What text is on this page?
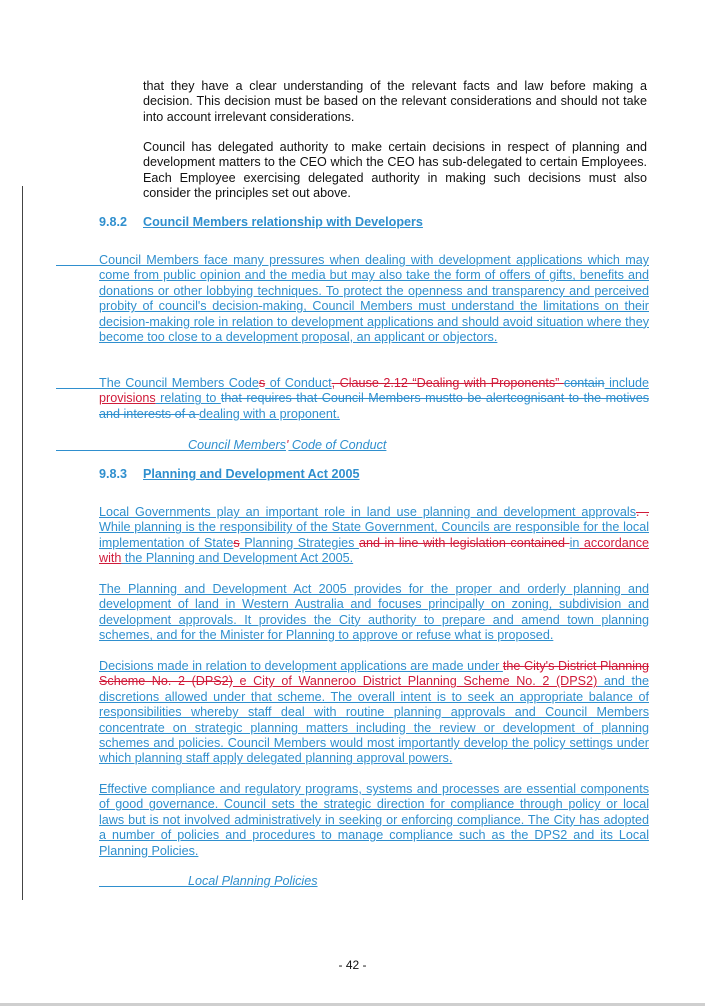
that they have a clear understanding of the relevant facts and law before making a decision. This decision must be based on the relevant considerations and should not take into account irrelevant considerations.

Council has delegated authority to make certain decisions in respect of planning and development matters to the CEO which the CEO has sub-delegated to certain Employees. Each Employee exercising delegated authority in making such decisions must also consider the principles set out above.

9.8.2 Council Members relationship with Developers

Council Members face many pressures when dealing with development applications which may come from public opinion and the media but may also take the form of offers of gifts, benefits and donations or other lobbying techniques. To protect the openness and transparency and perceived probity of council's decision-making, Council Members must understand the limitations on their decision-making role in relation to development applications and should avoid situation where they become too close to a development proposal, an applicant or objectors.

The Council Members Codes of Conduct, Clause 2.12 “Dealing with Proponents” contain include provisions relating to that requires that Council Members mustto be alertcognisant to the motives and interests of a dealing with a proponent.

Council Members' Code of Conduct

9.8.3 Planning and Development Act 2005

Local Governments play an important role in land use planning and development approvals. . While planning is the responsibility of the State Government, Councils are responsible for the local implementation of States Planning Strategies and in line with legislation contained in accordance with the Planning and Development Act 2005.

The Planning and Development Act 2005 provides for the proper and orderly planning and development of land in Western Australia and focuses principally on zoning, subdivision and development approvals. It provides the City authority to prepare and amend town planning schemes, and for the Minister for Planning to approve or refuse what is proposed.

Decisions made in relation to development applications are made under the City's District Planning Scheme No. 2 (DPS2) e City of Wanneroo District Planning Scheme No. 2 (DPS2) and the discretions allowed under that scheme. The overall intent is to seek an appropriate balance of responsibilities whereby staff deal with routine planning approvals and Council Members concentrate on strategic planning matters including the review or development of planning schemes and policies. Council Members would most importantly develop the policy settings under which planning staff apply delegated planning approval powers.

Effective compliance and regulatory programs, systems and processes are essential components of good governance. Council sets the strategic direction for compliance through policy or local laws but is not involved administratively in seeking or enforcing compliance. The City has adopted a number of policies and procedures to manage compliance such as the DPS2 and its Local Planning Policies.

Local Planning Policies

- 42 -
